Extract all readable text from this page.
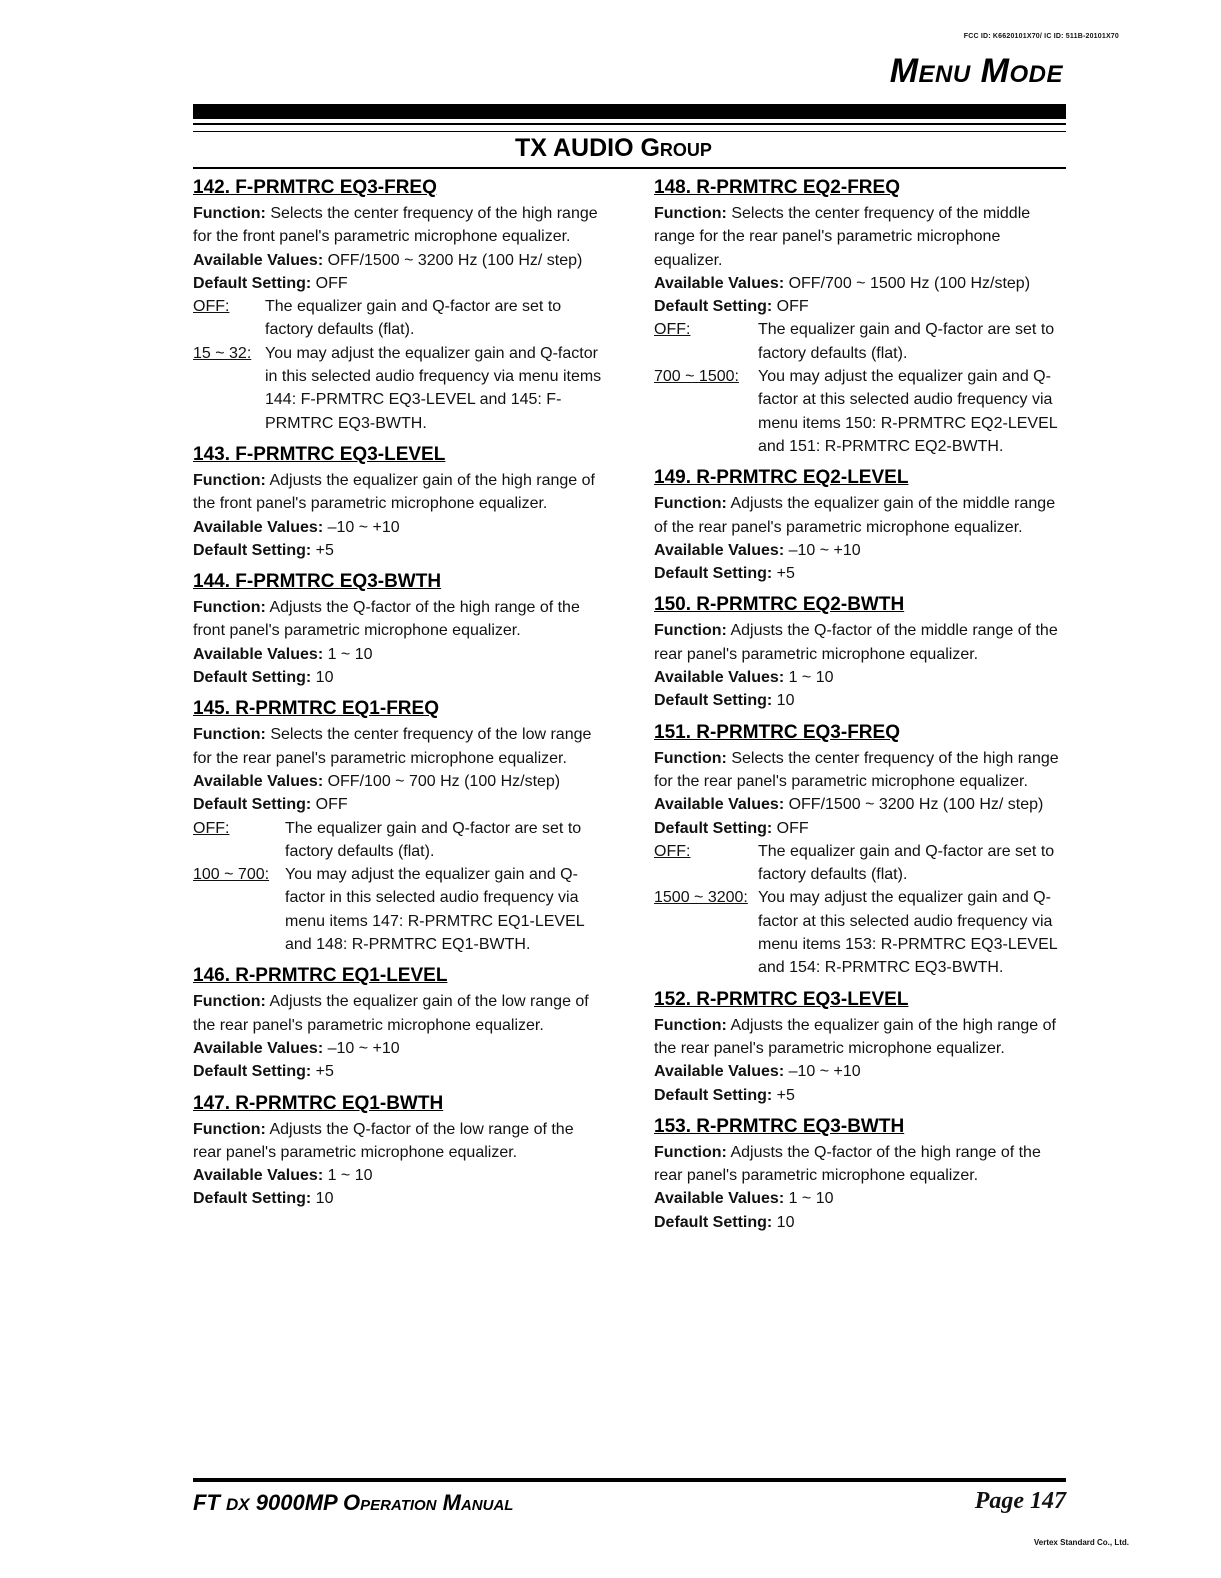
FCC ID: K6620101X70/ IC ID: 511B-20101X70
Menu Mode
TX AUDIO Group
142. F-PRMTRC EQ3-FREQ
Function: Selects the center frequency of the high range for the front panel's parametric microphone equalizer.
Available Values: OFF/1500 ~ 3200 Hz (100 Hz/ step)
Default Setting: OFF
OFF:	The equalizer gain and Q-factor are set to factory defaults (flat).
15 ~ 32: You may adjust the equalizer gain and Q-factor in this selected audio frequency via menu items 144: F-PRMTRC EQ3-LEVEL and 145: F-PRMTRC EQ3-BWTH.
143. F-PRMTRC EQ3-LEVEL
Function: Adjusts the equalizer gain of the high range of the front panel's parametric microphone equalizer.
Available Values: –10 ~ +10
Default Setting: +5
144. F-PRMTRC EQ3-BWTH
Function: Adjusts the Q-factor of the high range of the front panel's parametric microphone equalizer.
Available Values: 1 ~ 10
Default Setting: 10
145. R-PRMTRC EQ1-FREQ
Function: Selects the center frequency of the low range for the rear panel's parametric microphone equalizer.
Available Values: OFF/100 ~ 700 Hz (100 Hz/step)
Default Setting: OFF
OFF:	The equalizer gain and Q-factor are set to factory defaults (flat).
100 ~ 700: You may adjust the equalizer gain and Q-factor in this selected audio frequency via menu items 147: R-PRMTRC EQ1-LEVEL and 148: R-PRMTRC EQ1-BWTH.
146. R-PRMTRC EQ1-LEVEL
Function: Adjusts the equalizer gain of the low range of the rear panel's parametric microphone equalizer.
Available Values: –10 ~ +10
Default Setting: +5
147. R-PRMTRC EQ1-BWTH
Function: Adjusts the Q-factor of the low range of the rear panel's parametric microphone equalizer.
Available Values: 1 ~ 10
Default Setting: 10
148. R-PRMTRC EQ2-FREQ
Function: Selects the center frequency of the middle range for the rear panel's parametric microphone equalizer.
Available Values: OFF/700 ~ 1500 Hz (100 Hz/step)
Default Setting: OFF
OFF:	The equalizer gain and Q-factor are set to factory defaults (flat).
700 ~ 1500:	You may adjust the equalizer gain and Q-factor at this selected audio frequency via menu items 150: R-PRMTRC EQ2-LEVEL and 151: R-PRMTRC EQ2-BWTH.
149. R-PRMTRC EQ2-LEVEL
Function: Adjusts the equalizer gain of the middle range of the rear panel's parametric microphone equalizer.
Available Values: –10 ~ +10
Default Setting: +5
150. R-PRMTRC EQ2-BWTH
Function: Adjusts the Q-factor of the middle range of the rear panel's parametric microphone equalizer.
Available Values: 1 ~ 10
Default Setting: 10
151. R-PRMTRC EQ3-FREQ
Function: Selects the center frequency of the high range for the rear panel's parametric microphone equalizer.
Available Values: OFF/1500 ~ 3200 Hz (100 Hz/ step)
Default Setting: OFF
OFF:	The equalizer gain and Q-factor are set to factory defaults (flat).
1500 ~ 3200: You may adjust the equalizer gain and Q-factor at this selected audio frequency via menu items 153: R-PRMTRC EQ3-LEVEL and 154: R-PRMTRC EQ3-BWTH.
152. R-PRMTRC EQ3-LEVEL
Function: Adjusts the equalizer gain of the high range of the rear panel's parametric microphone equalizer.
Available Values: –10 ~ +10
Default Setting: +5
153. R-PRMTRC EQ3-BWTH
Function: Adjusts the Q-factor of the high range of the rear panel's parametric microphone equalizer.
Available Values: 1 ~ 10
Default Setting: 10
FT DX 9000MP Operation Manual	Page 147
Vertex Standard Co., Ltd.
